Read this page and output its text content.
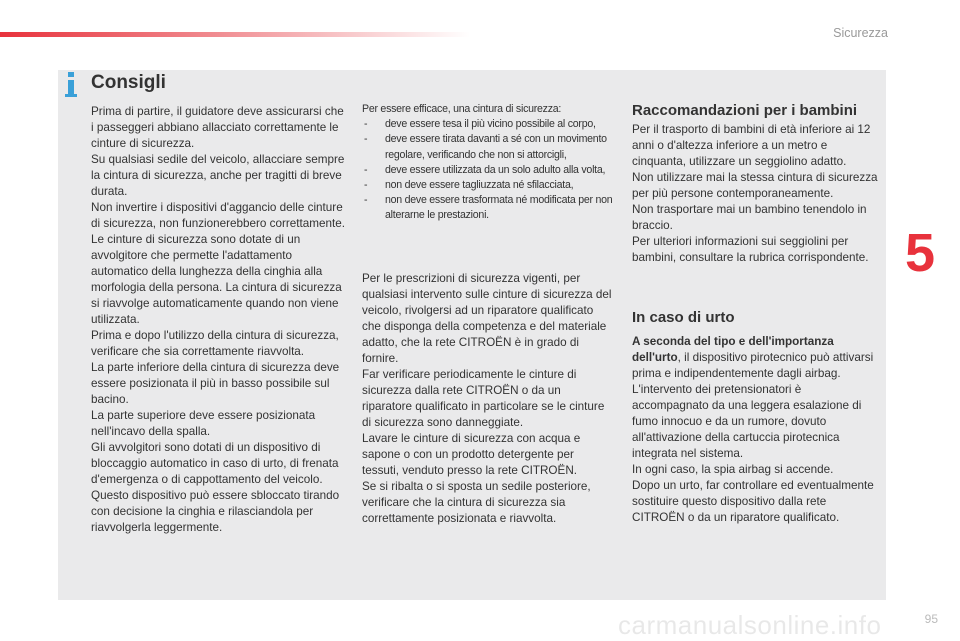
Sicurezza
5
Consigli

Prima di partire, il guidatore deve assicurarsi che i passeggeri abbiano allacciato correttamente le cinture di sicurezza.

Su qualsiasi sedile del veicolo, allacciare sempre la cintura di sicurezza, anche per tragitti di breve durata.

Non invertire i dispositivi d'aggancio delle cinture di sicurezza, non funzionerebbero correttamente.

Le cinture di sicurezza sono dotate di un avvolgitore che permette l'adattamento automatico della lunghezza della cinghia alla morfologia della persona. La cintura di sicurezza si riavvolge automaticamente quando non viene utilizzata.

Prima e dopo l'utilizzo della cintura di sicurezza, verificare che sia correttamente riavvolta.

La parte inferiore della cintura di sicurezza deve essere posizionata il più in basso possibile sul bacino.

La parte superiore deve essere posizionata nell'incavo della spalla.

Gli avvolgitori sono dotati di un dispositivo di bloccaggio automatico in caso di urto, di frenata d'emergenza o di cappottamento del veicolo. Questo dispositivo può essere sbloccato tirando con decisione la cinghia e rilasciandola per riavvolgerla leggermente.

Per essere efficace, una cintura di sicurezza:

- deve essere tesa il più vicino possibile al corpo,
- deve essere tirata davanti a sé con un movimento regolare, verificando che non si attorcigli,
- deve essere utilizzata da un solo adulto alla volta,
- non deve essere tagliuzzata né sfilacciata,
- non deve essere trasformata né modificata per non alterarne le prestazioni.

Per le prescrizioni di sicurezza vigenti, per qualsiasi intervento sulle cinture di sicurezza del veicolo, rivolgersi ad un riparatore qualificato che disponga della competenza e del materiale adatto, che la rete CITROËN è in grado di fornire.

Far verificare periodicamente le cinture di sicurezza dalla rete CITROËN o da un riparatore qualificato in particolare se le cinture di sicurezza sono danneggiate.

Lavare le cinture di sicurezza con acqua e sapone o con un prodotto detergente per tessuti, venduto presso la rete CITROËN.

Se si ribalta o si sposta un sedile posteriore, verificare che la cintura di sicurezza sia correttamente posizionata e riavvolta.

Raccomandazioni per i bambini

Per il trasporto di bambini di età inferiore ai 12 anni o d'altezza inferiore a un metro e cinquanta, utilizzare un seggiolino adatto.

Non utilizzare mai la stessa cintura di sicurezza per più persone contemporaneamente.

Non trasportare mai un bambino tenendolo in braccio.

Per ulteriori informazioni sui seggiolini per bambini, consultare la rubrica corrispondente.

In caso di urto

A seconda del tipo e dell'importanza dell'urto, il dispositivo pirotecnico può attivarsi prima e indipendentemente dagli airbag. L'intervento dei pretensionatori è accompagnato da una leggera esalazione di fumo innocuo e da un rumore, dovuto all'attivazione della cartuccia pirotecnica integrata nel sistema.

In ogni caso, la spia airbag si accende.

Dopo un urto, far controllare ed eventualmente sostituire questo dispositivo dalla rete CITROËN o da un riparatore qualificato.

carmanualsonline.info	95
